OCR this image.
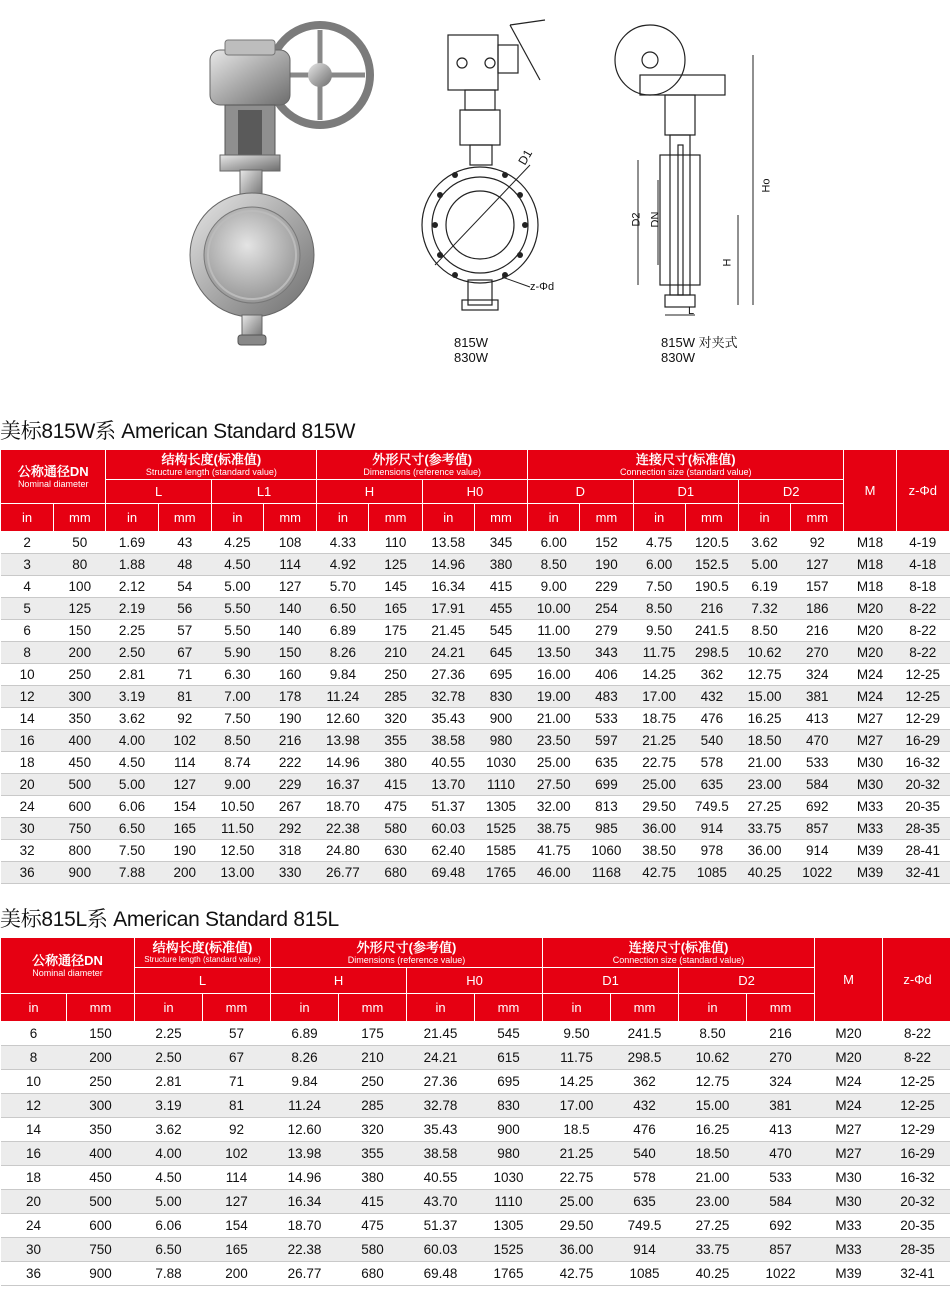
D1
z-Φd
815W
830W
D2 DN
Ho
H
L
815W 对夹式
830W
美标815W系 American Standard 815W
公称通径DN
Nominal diameter		结构长度(标准值)
Structure length (standard value)				外形尺寸(参考值)
Dimensions (reference value)				连接尺寸(标准值)
Connection size (standard value)						M	z-Φd
		L		L1		H		H0		D		D1		D2			
in	mm	in	mm	in	mm	in	mm	in	mm	in	mm	in	mm	in	mm		
2	50	1.69	43	4.25	108	4.33	110	13.58	345	6.00	152	4.75	120.5	3.62	92	M18	4-19
3	80	1.88	48	4.50	114	4.92	125	14.96	380	8.50	190	6.00	152.5	5.00	127	M18	4-18
4	100	2.12	54	5.00	127	5.70	145	16.34	415	9.00	229	7.50	190.5	6.19	157	M18	8-18
5	125	2.19	56	5.50	140	6.50	165	17.91	455	10.00	254	8.50	216	7.32	186	M20	8-22
6	150	2.25	57	5.50	140	6.89	175	21.45	545	11.00	279	9.50	241.5	8.50	216	M20	8-22
8	200	2.50	67	5.90	150	8.26	210	24.21	645	13.50	343	11.75	298.5	10.62	270	M20	8-22
10	250	2.81	71	6.30	160	9.84	250	27.36	695	16.00	406	14.25	362	12.75	324	M24	12-25
12	300	3.19	81	7.00	178	11.24	285	32.78	830	19.00	483	17.00	432	15.00	381	M24	12-25
14	350	3.62	92	7.50	190	12.60	320	35.43	900	21.00	533	18.75	476	16.25	413	M27	12-29
16	400	4.00	102	8.50	216	13.98	355	38.58	980	23.50	597	21.25	540	18.50	470	M27	16-29
18	450	4.50	114	8.74	222	14.96	380	40.55	1030	25.00	635	22.75	578	21.00	533	M30	16-32
20	500	5.00	127	9.00	229	16.37	415	13.70	1110	27.50	699	25.00	635	23.00	584	M30	20-32
24	600	6.06	154	10.50	267	18.70	475	51.37	1305	32.00	813	29.50	749.5	27.25	692	M33	20-35
30	750	6.50	165	11.50	292	22.38	580	60.03	1525	38.75	985	36.00	914	33.75	857	M33	28-35
32	800	7.50	190	12.50	318	24.80	630	62.40	1585	41.75	1060	38.50	978	36.00	914	M39	28-41
36	900	7.88	200	13.00	330	26.77	680	69.48	1765	46.00	1168	42.75	1085	40.25	1022	M39	32-41
美标815L系 American Standard 815L
公称通径DN
Nominal diameter		结构长度(标准值)
Structure length (standard value)		外形尺寸(参考值)
Dimensions (reference value)				连接尺寸(标准值)
Connection size (standard value)				M	z-Φd
		L		H		H0		D1		D2			
in	mm	in	mm	in	mm	in	mm	in	mm	in	mm		
6	150	2.25	57	6.89	175	21.45	545	9.50	241.5	8.50	216	M20	8-22
8	200	2.50	67	8.26	210	24.21	615	11.75	298.5	10.62	270	M20	8-22
10	250	2.81	71	9.84	250	27.36	695	14.25	362	12.75	324	M24	12-25
12	300	3.19	81	11.24	285	32.78	830	17.00	432	15.00	381	M24	12-25
14	350	3.62	92	12.60	320	35.43	900	18.5	476	16.25	413	M27	12-29
16	400	4.00	102	13.98	355	38.58	980	21.25	540	18.50	470	M27	16-29
18	450	4.50	114	14.96	380	40.55	1030	22.75	578	21.00	533	M30	16-32
20	500	5.00	127	16.34	415	43.70	1110	25.00	635	23.00	584	M30	20-32
24	600	6.06	154	18.70	475	51.37	1305	29.50	749.5	27.25	692	M33	20-35
30	750	6.50	165	22.38	580	60.03	1525	36.00	914	33.75	857	M33	28-35
36	900	7.88	200	26.77	680	69.48	1765	42.75	1085	40.25	1022	M39	32-41
